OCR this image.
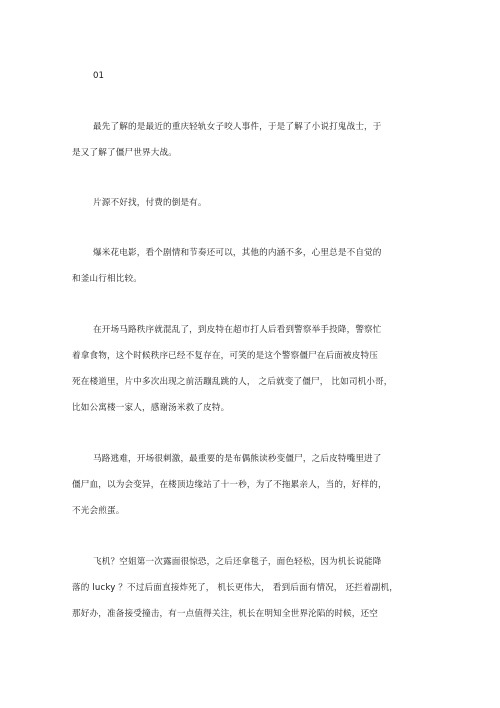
01
最先了解的是最近的重庆轻轨女子咬人事件，于是了解了小说打鬼战士，于
是又了解了僵尸世界大战。
片源不好找，付费的倒是有。
爆米花电影，看个剧情和节奏还可以，其他的内涵不多，心里总是不自觉的
和釜山行相比较。
在开场马路秩序就混乱了，到皮特在超市打人后看到警察举手投降，警察忙
着拿食物，这个时候秩序已经不复存在，可笑的是这个警察僵尸在后面被皮特压
死在楼道里，片中多次出现之前活蹦乱跳的人， 之后就变了僵尸， 比如司机小哥，
比如公寓楼一家人，感谢汤米救了皮特。
马路逃难，开场很刺激，最重要的是布偶熊读秒变僵尸，之后皮特嘴里进了
僵尸血，以为会变异，在楼顶边缘站了十一秒，为了不拖累亲人，当的，好样的，
不光会煎蛋。
飞机？空姐第一次露面很惊恐，之后还拿毯子，面色轻松，因为机长说能降
落的 lucky ？不过后面直接炸死了， 机长更伟大， 看到后面有情况， 还拦着副机，
那好办，准备接受撞击，有一点值得关注，机长在明知全世界沦陷的时候，还空
